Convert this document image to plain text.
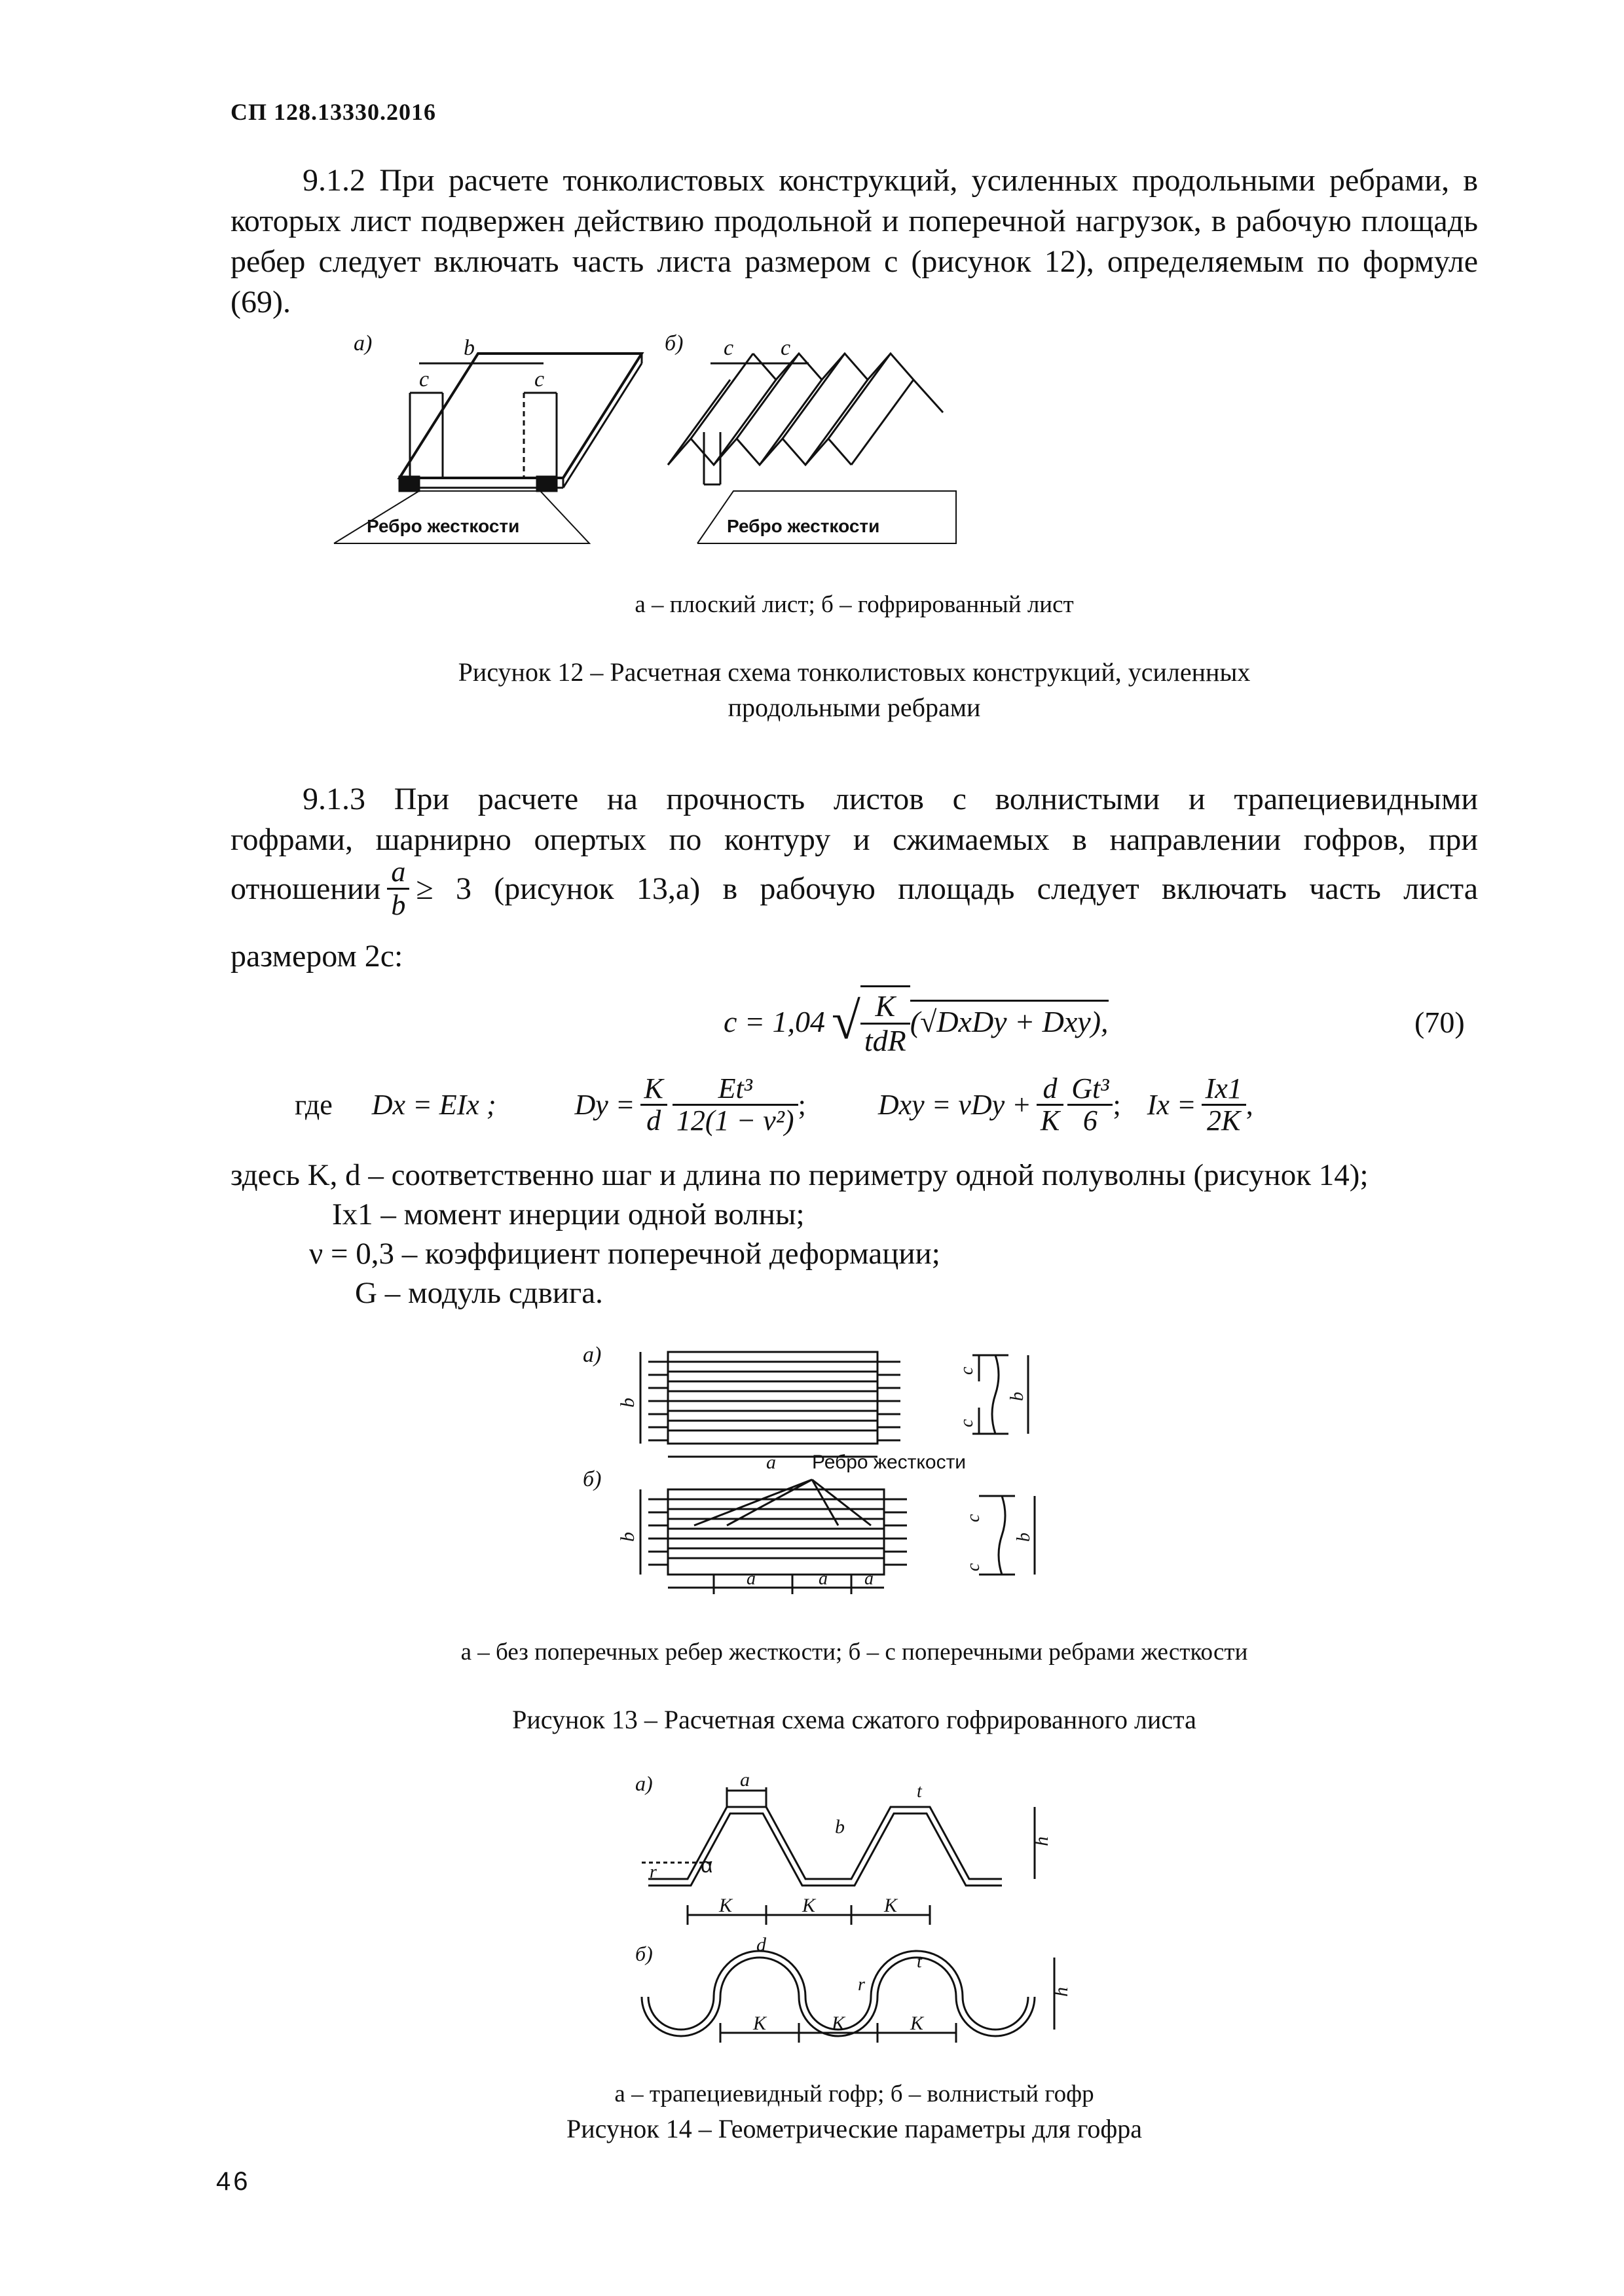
СП 128.13330.2016
9.1.2 При расчете тонколистовых конструкций, усиленных продольными ребрами, в которых лист подвержен действию продольной и поперечной нагрузок, в рабочую площадь ребер следует включать часть листа размером с (рисунок 12), определяемым по формуле (69).
а)
c	c
b
Ребро жесткости
б) c c
Ребро жесткости
а – плоский лист; б – гофрированный лист
Рисунок 12 – Расчетная схема тонколистовых конструкций, усиленных
продольными ребрами
9.1.3 При расчете на прочность листов с волнистыми и трапециевидными
гофрами, шарнирно опертых по контуру и сжимаемых в направлении гофров, при
отношении $\frac{a}{b} \ge 3$ (рисунок 13,а) в рабочую площадь следует включать часть листа
размером 2c:
c = 1,04 √ $\frac{K}{\text{tdR}}$ (√DxDy + Dxy),	(70)
где Dx = EIx ;	$Dy = \frac{K}{d} \frac{\text{Et³}}{\text{12(1 − ν²)}}$ ;	Dxy = $\nu Dy + \frac{d}{K} \frac{\text{Gt³}}{6}$ ; $Ix = \frac{Ix1}{2K}$ ,
здесь K, d – соответственно шаг и длина по периметру одной полуволны (рисунок 14);
Ix1 – момент инерции одной волны;
ν = 0,3 – коэффициент поперечной деформации;
G – модуль сдвига.
а)
b
a
c
c
b
б)
Ребро жесткости
b
a	a a
c
c
b
а – без поперечных ребер жесткости; б – с поперечными ребрами жесткости
Рисунок 13 – Расчетная схема сжатого гофрированного листа
а)	a
b
t
h
r α
K	K	K
б)	d
r
t
h
K	K	K
а – трапециевидный гофр; б – волнистый гофр
Рисунок 14 – Геометрические параметры для гофра
46
